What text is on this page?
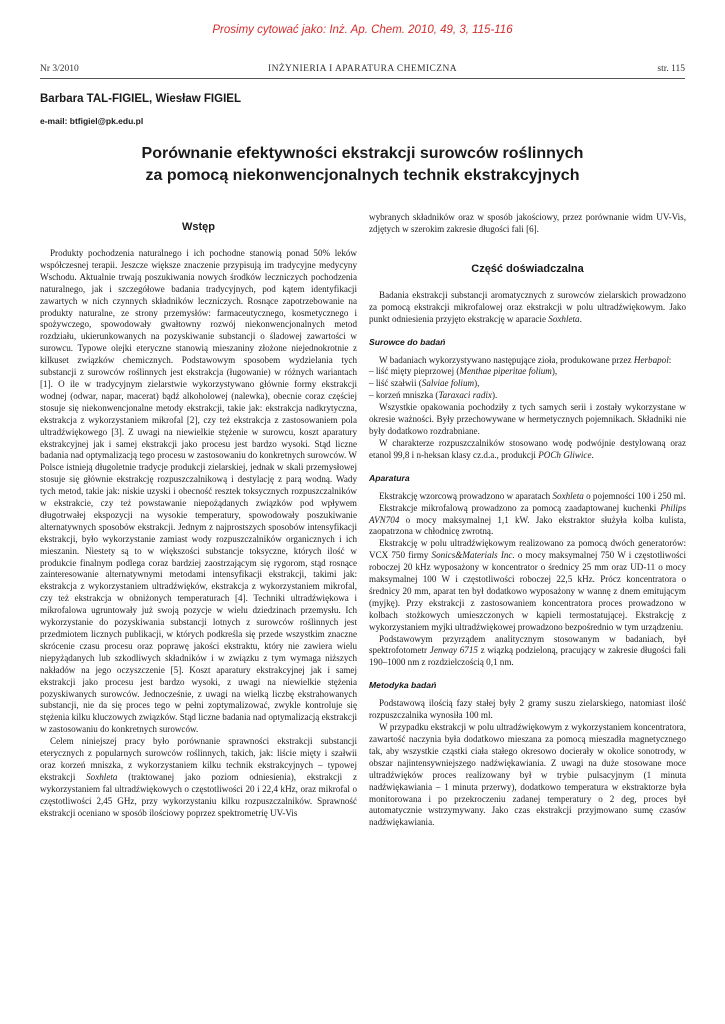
Prosimy cytować jako: Inż. Ap. Chem. 2010, 49, 3, 115-116
Nr 3/2010	INŻYNIERIA I APARATURA CHEMICZNA	str. 115
Barbara TAL-FIGIEL, Wiesław FIGIEL
e-mail: btfigiel@pk.edu.pl
Porównanie efektywności ekstrakcji surowców roślinnych
za pomocą niekonwencjonalnych technik ekstrakcyjnych
Wstęp

Produkty pochodzenia naturalnego i ich pochodne stanowią ponad 50% leków współczesnej terapii. Jeszcze większe znaczenie przypisują im tradycyjne medycyny Wschodu. Aktualnie trwają poszukiwania nowych środków leczniczych pochodzenia naturalnego, jak i szczegółowe badania tradycyjnych, pod kątem identyfikacji zawartych w nich czynnych składników leczniczych. Rosnące zapotrzebowanie na produkty naturalne, ze strony przemysłów: farmaceutycznego, kosmetycznego i spożywczego, spowodowały gwałtowny rozwój niekonwencjonalnych metod rozdziału, ukierunkowanych na pozyskiwanie substancji o śladowej zawartości w surowcu. Typowe olejki eteryczne stanowią mieszaniny złożone niejednokrotnie z kilkuset związków chemicznych. Podstawowym sposobem wydzielania tych substancji z surowców roślinnych jest ekstrakcja (ługowanie) w różnych wariantach [1]. O ile w tradycyjnym zielarstwie wykorzystywano głównie formy ekstrakcji wodnej (odwar, napar, macerat) bądź alkoholowej (nalewka), obecnie coraz częściej stosuje się niekonwencjonalne metody ekstrakcji, takie jak: ekstrakcja nadkrytyczna, ekstrakcja z wykorzystaniem mikrofal [2], czy też ekstrakcja z zastosowaniem pola ultradźwiękowego [3]. Z uwagi na niewielkie stężenie w surowcu, koszt aparatury ekstrakcyjnej jak i samej ekstrakcji jako procesu jest bardzo wysoki. Stąd liczne badania nad optymalizacją tego procesu w zastosowaniu do konkretnych surowców. W Polsce istnieją długoletnie tradycje produkcji zielarskiej, jednak w skali przemysłowej stosuje się głównie ekstrakcję rozpuszczalnikową i destylację z parą wodną. Wady tych metod, takie jak: niskie uzyski i obecność resztek toksycznych rozpuszczalników w ekstrakcie, czy też powstawanie niepożądanych związków pod wpływem długotrwałej ekspozycji na wysokie temperatury, spowodowały poszukiwanie alternatywnych sposobów ekstrakcji. Jednym z najprostszych sposobów intensyfikacji ekstrakcji, było wykorzystanie zamiast wody rozpuszczalników organicznych i ich mieszanin. Niestety są to w większości substancje toksyczne, których ilość w produkcie finalnym podlega coraz bardziej zaostrzającym się rygorom, stąd rosnące zainteresowanie alternatywnymi metodami intensyfikacji ekstrakcji, takimi jak: ekstrakcja z wykorzystaniem ultradźwięków, ekstrakcja z wykorzystaniem mikrofal, czy też ekstrakcja w obniżonych temperaturach [4]. Techniki ultradźwiękowa i mikrofalowa ugruntowały już swoją pozycje w wielu dziedzinach przemysłu. Ich wykorzystanie do pozyskiwania substancji lotnych z surowców roślinnych jest przedmiotem licznych publikacji, w których podkreśla się przede wszystkim znaczne skrócenie czasu procesu oraz poprawę jakości ekstraktu, który nie zawiera wielu niepyżądanych lub szkodliwych składników i w związku z tym wymaga niższych nakładów na jego oczyszczenie [5]. Koszt aparatury ekstrakcyjnej jak i samej ekstrakcji jako procesu jest bardzo wysoki, z uwagi na niewielkie stężenia pozyskiwanych surowców. Jednocześnie, z uwagi na wielką liczbę ekstrahowanych substancji, nie da się proces tego w pełni zoptymalizować, zwykle kontroluje się stężenia kilku kluczowych związków. Stąd liczne badania nad optymalizacją ekstrakcji w zastosowaniu do konkretnych surowców.

Celem niniejszej pracy było porównanie sprawności ekstrakcji substancji eterycznych z popularnych surowców roślinnych, takich, jak: liście mięty i szałwii oraz korzeń mniszka, z wykorzystaniem kilku technik ekstrakcyjnych – typowej ekstrakcji Soxhleta (traktowanej jako poziom odniesienia), ekstrakcji z wykorzystaniem fal ultradźwiękowych o częstotliwości 20 i 22,4 kHz, oraz mikrofal o częstotliwości 2,45 GHz, przy wykorzystaniu kilku rozpuszczalników. Sprawność ekstrakcji oceniano w sposób ilościowy poprzez spektrometrię UV-Vis

wybranych składników oraz w sposób jakościowy, przez porównanie widm UV-Vis, zdjętych w szerokim zakresie długości fali [6].

Część doświadczalna

Badania ekstrakcji substancji aromatycznych z surowców zielarskich prowadzono za pomocą ekstrakcji mikrofalowej oraz ekstrakcji w polu ultradźwiękowym. Jako punkt odniesienia przyjęto ekstrakcję w aparacie Soxhleta.

Surowce do badań

W badaniach wykorzystywano następujące zioła, produkowane przez Herbapol:

– liść mięty pieprzowej (Menthae piperitae folium),

– liść szałwii (Salviae folium),

– korzeń mniszka (Taraxaci radix).

Wszystkie opakowania pochodziły z tych samych serii i zostały wykorzystane w okresie ważności. Były przechowywane w hermetycznych pojemnikach. Składniki nie były dodatkowo rozdrabniane.

W charakterze rozpuszczalników stosowano wodę podwójnie destylowaną oraz etanol 99,8 i n-heksan klasy cz.d.a., produkcji POCh Gliwice.

Aparatura

Ekstrakcję wzorcową prowadzono w aparatach Soxhleta o pojemności 100 i 250 ml.

Ekstrakcje mikrofalową prowadzono za pomocą zaadaptowanej kuchenki Philips AVN704 o mocy maksymalnej 1,1 kW. Jako ekstraktor służyła kolba kulista, zaopatrzona w chłodnicę zwrotną.

Ekstrakcję w polu ultradźwiękowym realizowano za pomocą dwóch generatorów: VCX 750 firmy Sonics&Materials Inc. o mocy maksymalnej 750 W i częstotliwości roboczej 20 kHz wyposażony w koncentrator o średnicy 25 mm oraz UD-11 o mocy maksymalnej 100 W i częstotliwości roboczej 22,5 kHz. Prócz koncentratora o średnicy 20 mm, aparat ten był dodatkowo wyposażony w wannę z dnem emitującym (myjkę). Przy ekstrakcji z zastosowaniem koncentratora proces prowadzono w kolbach stożkowych umieszczonych w kąpieli termostatującej. Ekstrakcję z wykorzystaniem myjki ultradźwiękowej prowadzono bezpośrednio w tym urządzeniu.

Podstawowym przyrządem analitycznym stosowanym w badaniach, był spektrofotometr Jenway 6715 z wiązką podzieloną, pracujący w zakresie długości fali 190–1000 nm z rozdzielczością 0,1 nm.

Metodyka badań

Podstawową ilością fazy stałej były 2 gramy suszu zielarskiego, natomiast ilość rozpuszczalnika wynosiła 100 ml.

W przypadku ekstrakcji w polu ultradźwiękowym z wykorzystaniem koncentratora, zawartość naczynia była dodatkowo mieszana za pomocą mieszadła magnetycznego tak, aby wszystkie cząstki ciała stałego okresowo docierały w okolice sonotrody, w obszar najintensywniejszego nadźwiękawiania. Z uwagi na duże stosowane moce ultradźwięków proces realizowany był w trybie pulsacyjnym (1 minuta nadźwiękawiania – 1 minuta przerwy), dodatkowo temperatura w ekstraktorze była monitorowana i po przekroczeniu zadanej temperatury o 2 deg, proces był automatycznie wstrzymywany. Jako czas ekstrakcji przyjmowano sumę czasów nadźwiękawiania.
